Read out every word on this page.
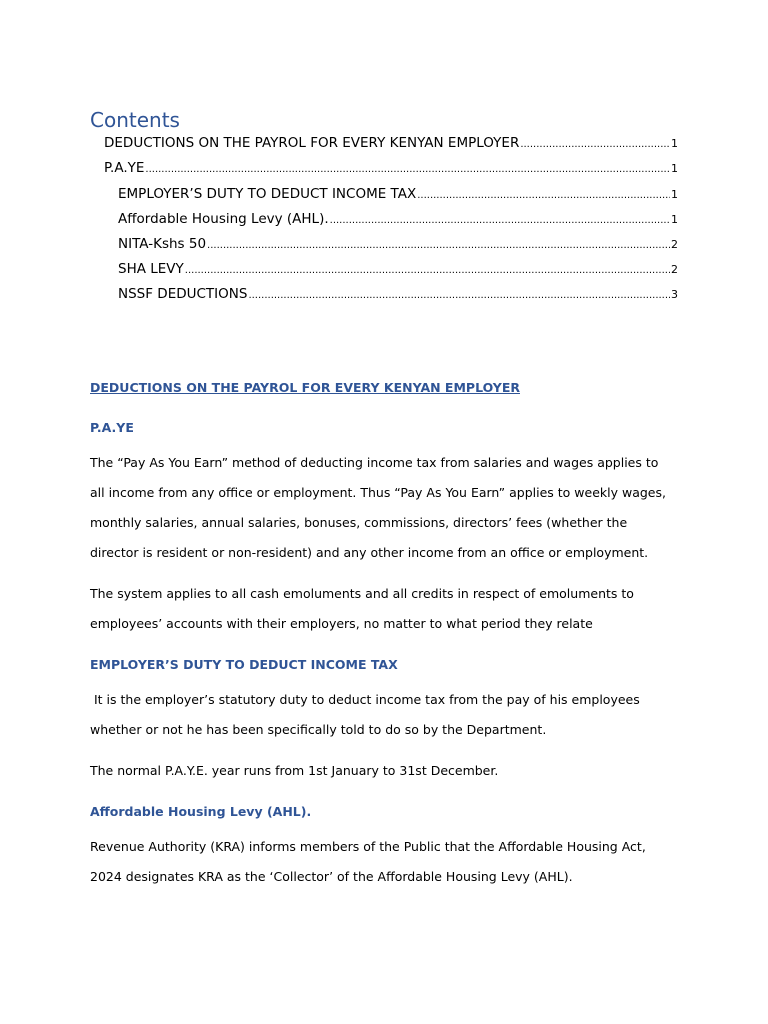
Contents
DEDUCTIONS ON THE PAYROL FOR EVERY KENYAN EMPLOYER .....	1
P.A.YE .....	1
EMPLOYER’S DUTY TO DEDUCT INCOME TAX .....	1
Affordable Housing Levy (AHL). .....	1
NITA-Kshs 50 .....	2
SHA LEVY .....	2
NSSF DEDUCTIONS .....	3
DEDUCTIONS ON THE PAYROL FOR EVERY KENYAN EMPLOYER
P.A.YE

The “Pay As You Earn” method of deducting income tax from salaries and wages applies to

all income from any office or employment. Thus “Pay As You Earn” applies to weekly wages,

monthly salaries, annual salaries, bonuses, commissions, directors’ fees (whether the

director is resident or non-resident) and any other income from an office or employment.

The system applies to all cash emoluments and all credits in respect of emoluments to

employees’ accounts with their employers, no matter to what period they relate

EMPLOYER’S DUTY TO DEDUCT INCOME TAX

It is the employer’s statutory duty to deduct income tax from the pay of his employees

whether or not he has been specifically told to do so by the Department.

The normal P.A.Y.E. year runs from 1st January to 31st December.

Affordable Housing Levy (AHL).

Revenue Authority (KRA) informs members of the Public that the Affordable Housing Act,

2024 designates KRA as the ‘Collector’ of the Affordable Housing Levy (AHL).
